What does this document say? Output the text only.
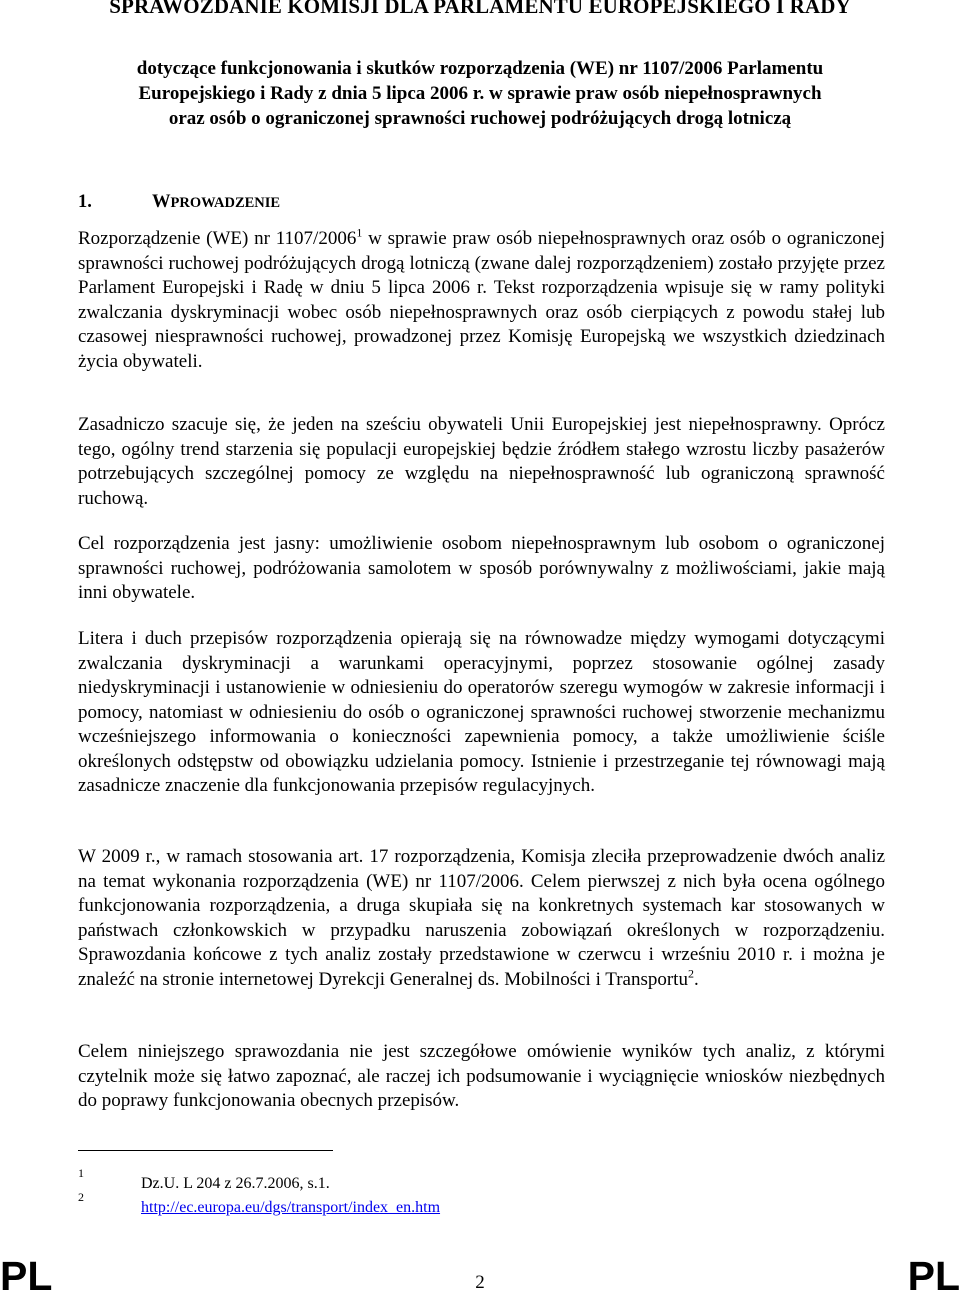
SPRAWOZDANIE KOMISJI DLA PARLAMENTU EUROPEJSKIEGO I RADY
dotyczące funkcjonowania i skutków rozporządzenia (WE) nr 1107/2006 Parlamentu
Europejskiego i Rady z dnia 5 lipca 2006 r. w sprawie praw osób niepełnosprawnych
oraz osób o ograniczonej sprawności ruchowej podróżujących drogą lotniczą
1.	WPROWADZENIE

Rozporządzenie (WE) nr 1107/2006$^1$ w sprawie praw osób niepełnosprawnych oraz osób o ograniczonej sprawności ruchowej podróżujących drogą lotniczą (zwane dalej rozporządzeniem) zostało przyjęte przez Parlament Europejski i Radę w dniu 5 lipca 2006 r. Tekst rozporządzenia wpisuje się w ramy polityki zwalczania dyskryminacji wobec osób niepełnosprawnych oraz osób cierpiących z powodu stałej lub czasowej niesprawności ruchowej, prowadzonej przez Komisję Europejską we wszystkich dziedzinach życia obywateli.

Zasadniczo szacuje się, że jeden na sześciu obywateli Unii Europejskiej jest niepełnosprawny. Oprócz tego, ogólny trend starzenia się populacji europejskiej będzie źródłem stałego wzrostu liczby pasażerów potrzebujących szczególnej pomocy ze względu na niepełnosprawność lub ograniczoną sprawność ruchową.

Cel rozporządzenia jest jasny: umożliwienie osobom niepełnosprawnym lub osobom o ograniczonej sprawności ruchowej, podróżowania samolotem w sposób porównywalny z możliwościami, jakie mają inni obywatele.

Litera i duch przepisów rozporządzenia opierają się na równowadze między wymogami dotyczącymi zwalczania dyskryminacji a warunkami operacyjnymi, poprzez stosowanie ogólnej zasady niedyskryminacji i ustanowienie w odniesieniu do operatorów szeregu wymogów w zakresie informacji i pomocy, natomiast w odniesieniu do osób o ograniczonej sprawności ruchowej stworzenie mechanizmu wcześniejszego informowania o konieczności zapewnienia pomocy, a także umożliwienie ściśle określonych odstępstw od obowiązku udzielania pomocy. Istnienie i przestrzeganie tej równowagi mają zasadnicze znaczenie dla funkcjonowania przepisów regulacyjnych.

W 2009 r., w ramach stosowania art. 17 rozporządzenia, Komisja zleciła przeprowadzenie dwóch analiz na temat wykonania rozporządzenia (WE) nr 1107/2006. Celem pierwszej z nich była ocena ogólnego funkcjonowania rozporządzenia, a druga skupiała się na konkretnych systemach kar stosowanych w państwach członkowskich w przypadku naruszenia zobowiązań określonych w rozporządzeniu. Sprawozdania końcowe z tych analiz zostały przedstawione w czerwcu i wrześniu 2010 r. i można je znaleźć na stronie internetowej Dyrekcji Generalnej ds. Mobilności i Transportu$^2$.

Celem niniejszego sprawozdania nie jest szczegółowe omówienie wyników tych analiz, z którymi czytelnik może się łatwo zapoznać, ale raczej ich podsumowanie i wyciągnięcie wniosków niezbędnych do poprawy funkcjonowania obecnych przepisów.

1
Dz.U. L 204 z 26.7.2006, s.1.
2
http://ec.europa.eu/dgs/transport/index_en.htm
PL	2	PL
